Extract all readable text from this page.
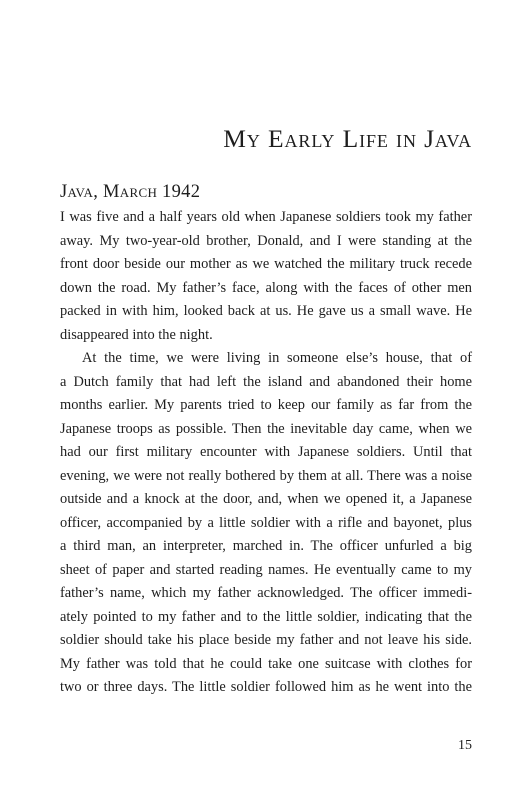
My Early Life in Java
Java, March 1942
I was five and a half years old when Japanese soldiers took my father
away. My two-year-old brother, Donald, and I were standing at the
front door beside our mother as we watched the military truck recede
down the road. My father’s face, along with the faces of other men
packed in with him, looked back at us. He gave us a small wave. He
disappeared into the night.
At the time, we were living in someone else’s house, that of
a Dutch family that had left the island and abandoned their home
months earlier. My parents tried to keep our family as far from the
Japanese troops as possible. Then the inevitable day came, when we
had our first military encounter with Japanese soldiers. Until that
evening, we were not really bothered by them at all. There was a noise
outside and a knock at the door, and, when we opened it, a Japanese
officer, accompanied by a little soldier with a rifle and bayonet, plus
a third man, an interpreter, marched in. The officer unfurled a big
sheet of paper and started reading names. He eventually came to my
father’s name, which my father acknowledged. The officer immedi-
ately pointed to my father and to the little soldier, indicating that the
soldier should take his place beside my father and not leave his side.
My father was told that he could take one suitcase with clothes for
two or three days. The little soldier followed him as he went into the

15
